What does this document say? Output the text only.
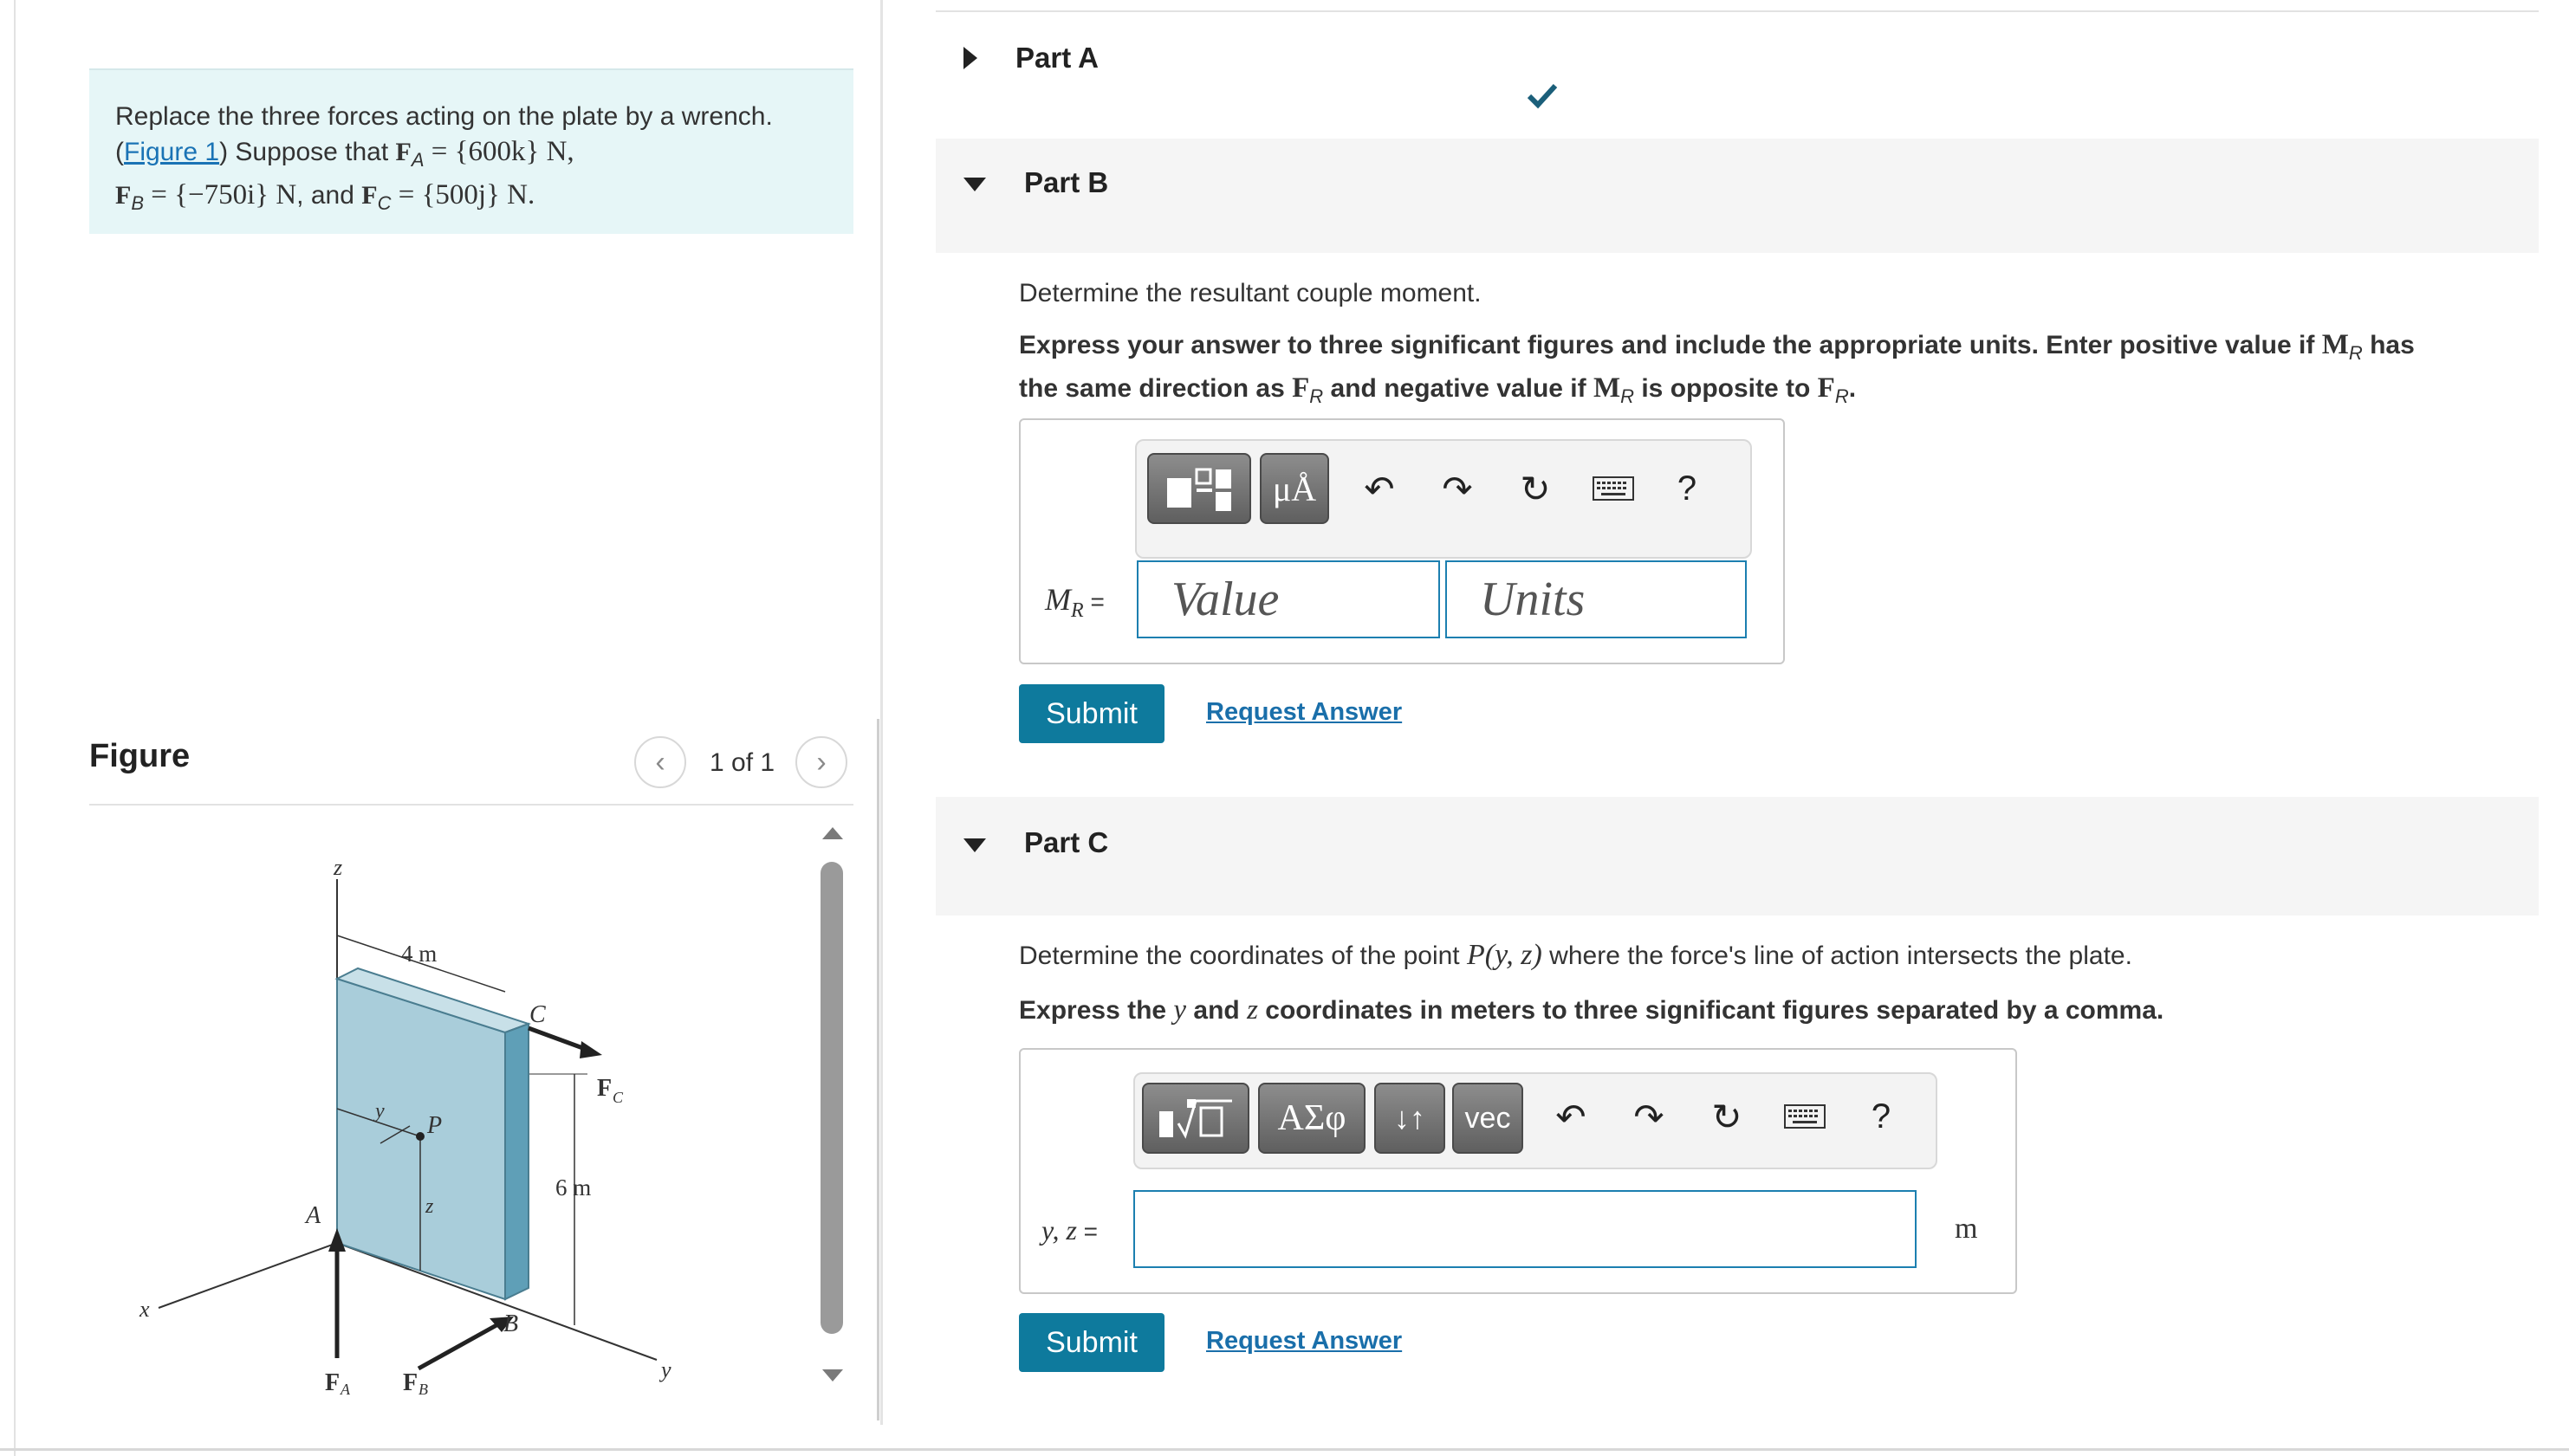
Replace the three forces acting on the plate by a wrench.
(Figure 1) Suppose that $F_A = \{600k\}$ N,
$F_B = \{-750i\}$ N, and $F_C = \{500j\}$ N.
Figure	‹ 1 of 1 ›
z
x
y
4 m
6 m
C
A
B
P
y
z
F C
F A F B
Part A
Part B
Determine the resultant couple moment.
Express your answer to three significant figures and include the appropriate units. Enter positive value if $M_R$ has
the same direction as $F_R$ and negative value if $M_R$ is opposite to $F_R$.
μÅ ↶ ↷ ↻	?
$M_R$ =	Value	Units
Submit	Request Answer
Part C
Determine the coordinates of the point P(y, z) where the force's line of action intersects the plate.
Express the y and z coordinates in meters to three significant figures separated by a comma.
ΑΣφ ↓↑ vec ↶ ↷ ↻	?
y, z =	m
Submit	Request Answer
